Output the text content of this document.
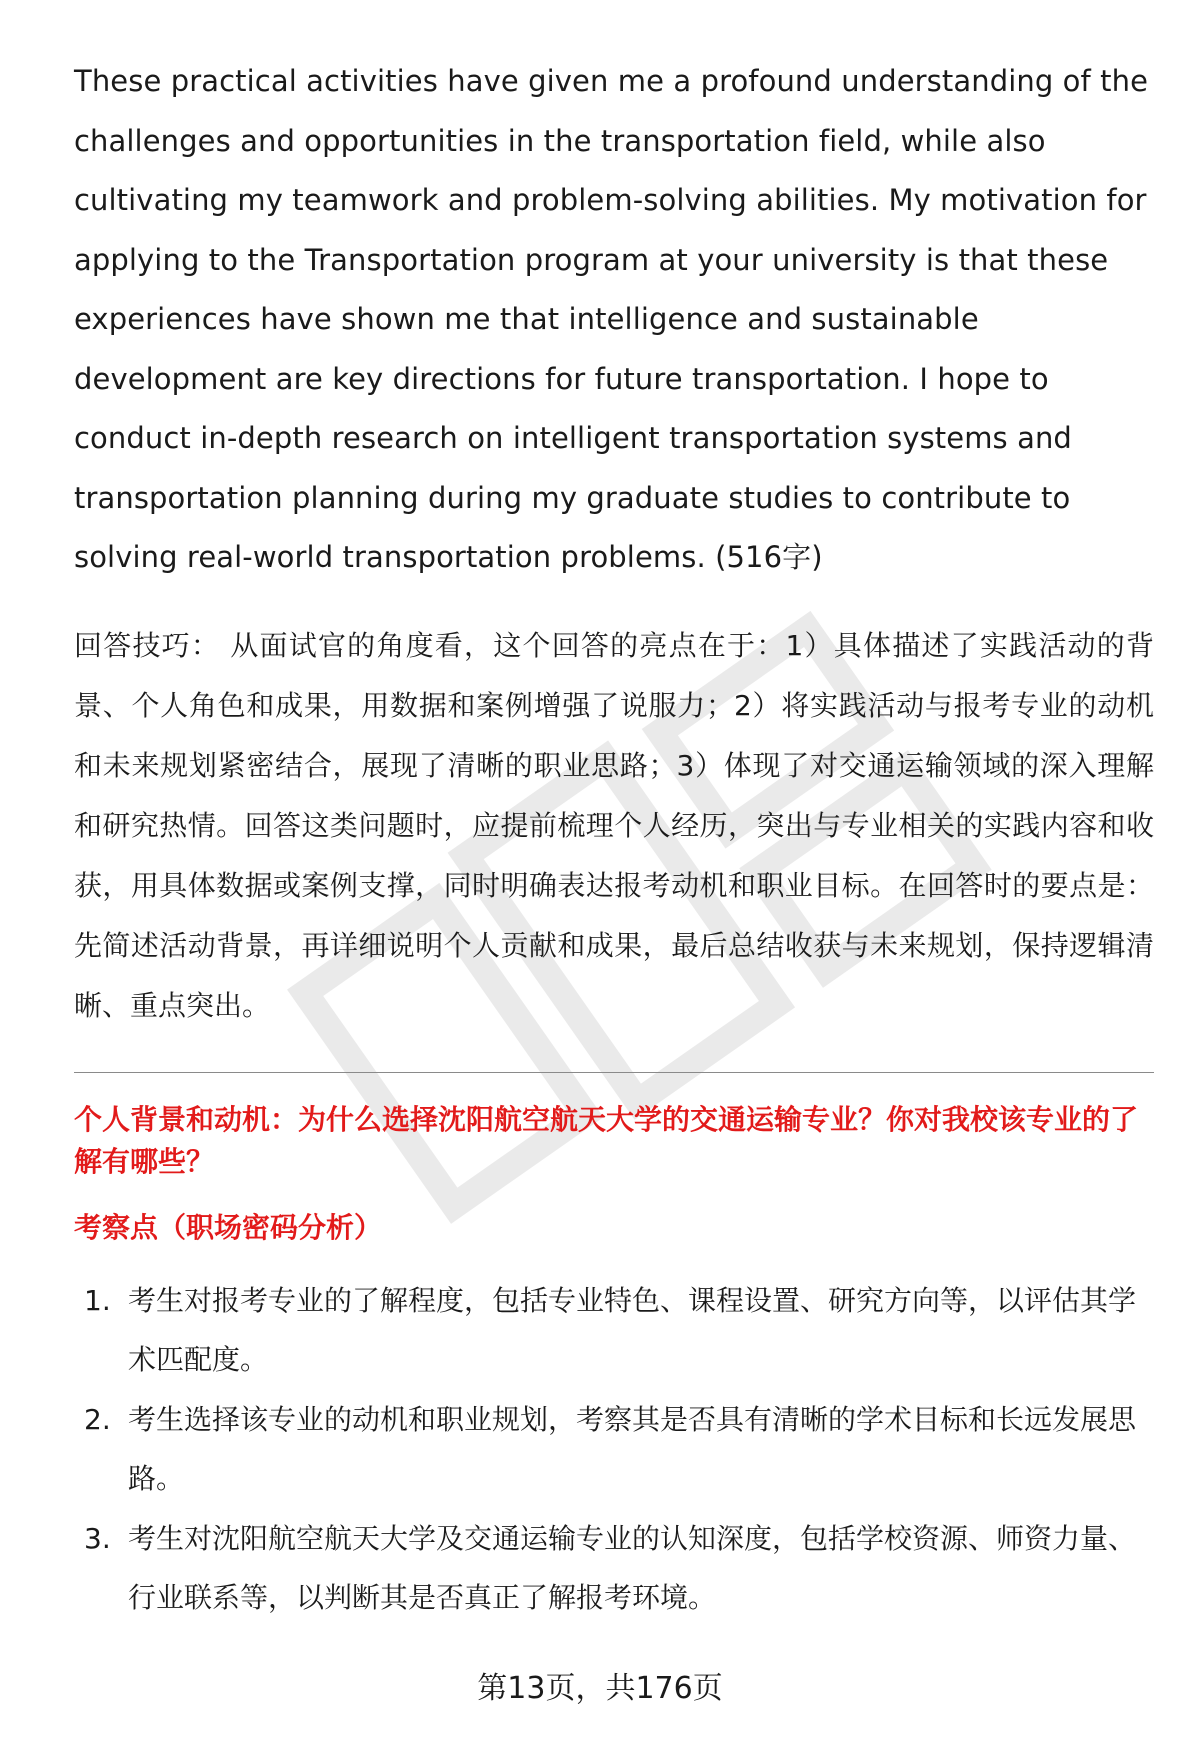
These practical activities have given me a profound understanding of the challenges and opportunities in the transportation field, while also cultivating my teamwork and problem-solving abilities. My motivation for applying to the Transportation program at your university is that these experiences have shown me that intelligence and sustainable development are key directions for future transportation. I hope to conduct in-depth research on intelligent transportation systems and transportation planning during my graduate studies to contribute to solving real-world transportation problems. (516字)

回答技巧： 从面试官的角度看，这个回答的亮点在于：1）具体描述了实践活动的背景、个人角色和成果，用数据和案例增强了说服力；2）将实践活动与报考专业的动机和未来规划紧密结合，展现了清晰的职业思路；3）体现了对交通运输领域的深入理解和研究热情。回答这类问题时，应提前梳理个人经历，突出与专业相关的实践内容和收获，用具体数据或案例支撑，同时明确表达报考动机和职业目标。在回答时的要点是：先简述活动背景，再详细说明个人贡献和成果，最后总结收获与未来规划，保持逻辑清晰、重点突出。

个人背景和动机：为什么选择沈阳航空航天大学的交通运输专业？你对我校该专业的了解有哪些？
考察点（职场密码分析）
1. 考生对报考专业的了解程度，包括专业特色、课程设置、研究方向等，以评估其学术匹配度。
2. 考生选择该专业的动机和职业规划，考察其是否具有清晰的学术目标和长远发展思路。
3. 考生对沈阳航空航天大学及交通运输专业的认知深度，包括学校资源、师资力量、行业联系等，以判断其是否真正了解报考环境。
第13页，共176页
